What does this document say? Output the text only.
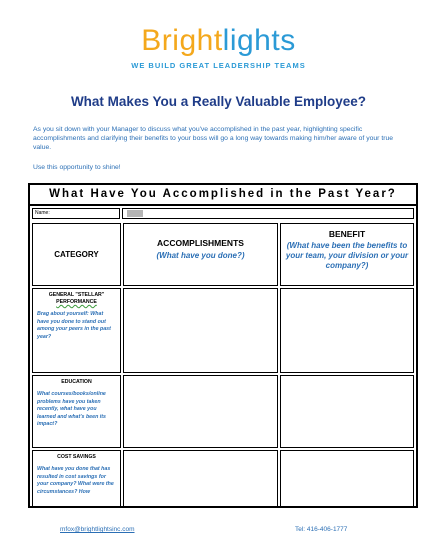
Brightlights
WE BUILD GREAT LEADERSHIP TEAMS
What Makes You a Really Valuable Employee?
As you sit down with your Manager to discuss what you've accomplished in the past year, highlighting specific accomplishments and clarifying their benefits to your boss will go a long way towards making him/her aware of your true value.
Use this opportunity to shine!
What Have You Accomplished in the Past Year?
Name:
CATEGORY
ACCOMPLISHMENTS
(What have you done?)
BENEFIT
(What have been the benefits to your team, your division or your company?)
GENERAL "STELLAR"
PERFORMANCE
Brag about yourself: What have you done to stand out among your peers in the past year?
EDUCATION
What courses/books/online problems have you taken recently, what have you learned and what's been its impact?
COST SAVINGS
What have you done that has resulted in cost savings for your company? What were the circumstances? How
mfox@brightlightsinc.com	Tel: 416-406-1777
